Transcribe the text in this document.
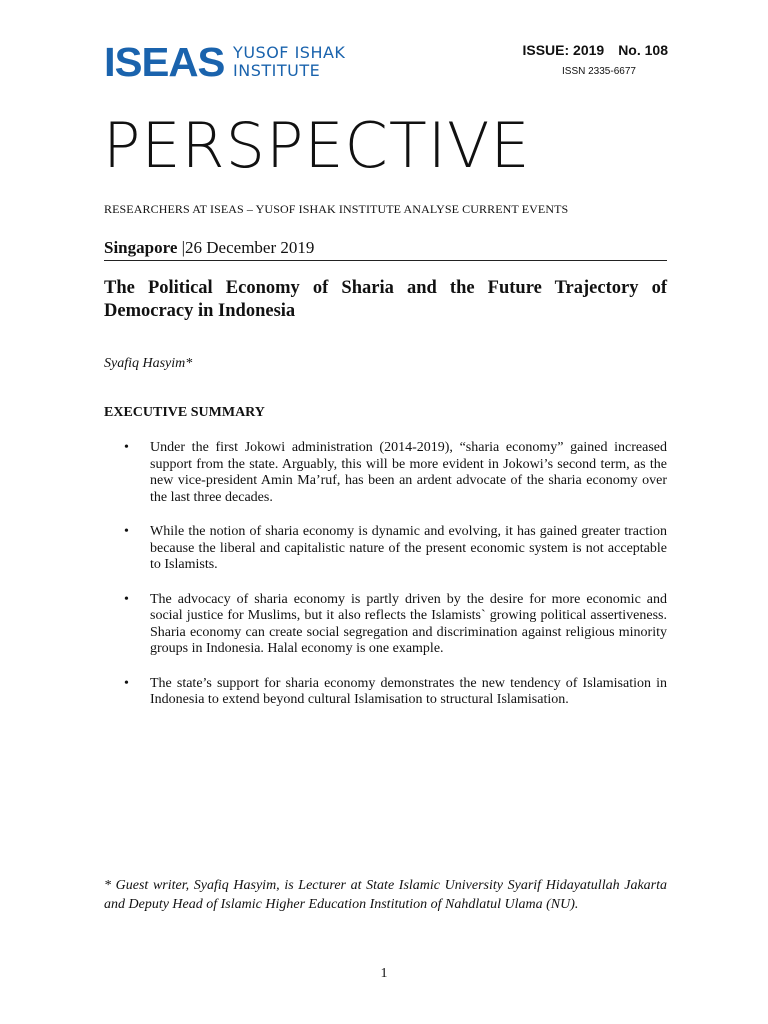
ISEAS YUSOF ISHAK
INSTITUTE
ISSUE: 2019 No. 108
ISSN 2335-6677
PERSPECTIVE
RESEARCHERS AT ISEAS – YUSOF ISHAK INSTITUTE ANALYSE CURRENT EVENTS
Singapore |26 December 2019
The Political Economy of Sharia and the Future Trajectory of Democracy in Indonesia
Syafiq Hasyim*
EXECUTIVE SUMMARY
• Under the first Jokowi administration (2014-2019), “sharia economy” gained increased support from the state. Arguably, this will be more evident in Jokowi’s second term, as the new vice-president Amin Ma’ruf, has been an ardent advocate of the sharia economy over the last three decades.
• While the notion of sharia economy is dynamic and evolving, it has gained greater traction because the liberal and capitalistic nature of the present economic system is not acceptable to Islamists.
• The advocacy of sharia economy is partly driven by the desire for more economic and social justice for Muslims, but it also reflects the Islamists` growing political assertiveness. Sharia economy can create social segregation and discrimination against religious minority groups in Indonesia. Halal economy is one example.
• The state’s support for sharia economy demonstrates the new tendency of Islamisation in Indonesia to extend beyond cultural Islamisation to structural Islamisation.
* Guest writer, Syafiq Hasyim, is Lecturer at State Islamic University Syarif Hidayatullah Jakarta and Deputy Head of Islamic Higher Education Institution of Nahdlatul Ulama (NU).
1
